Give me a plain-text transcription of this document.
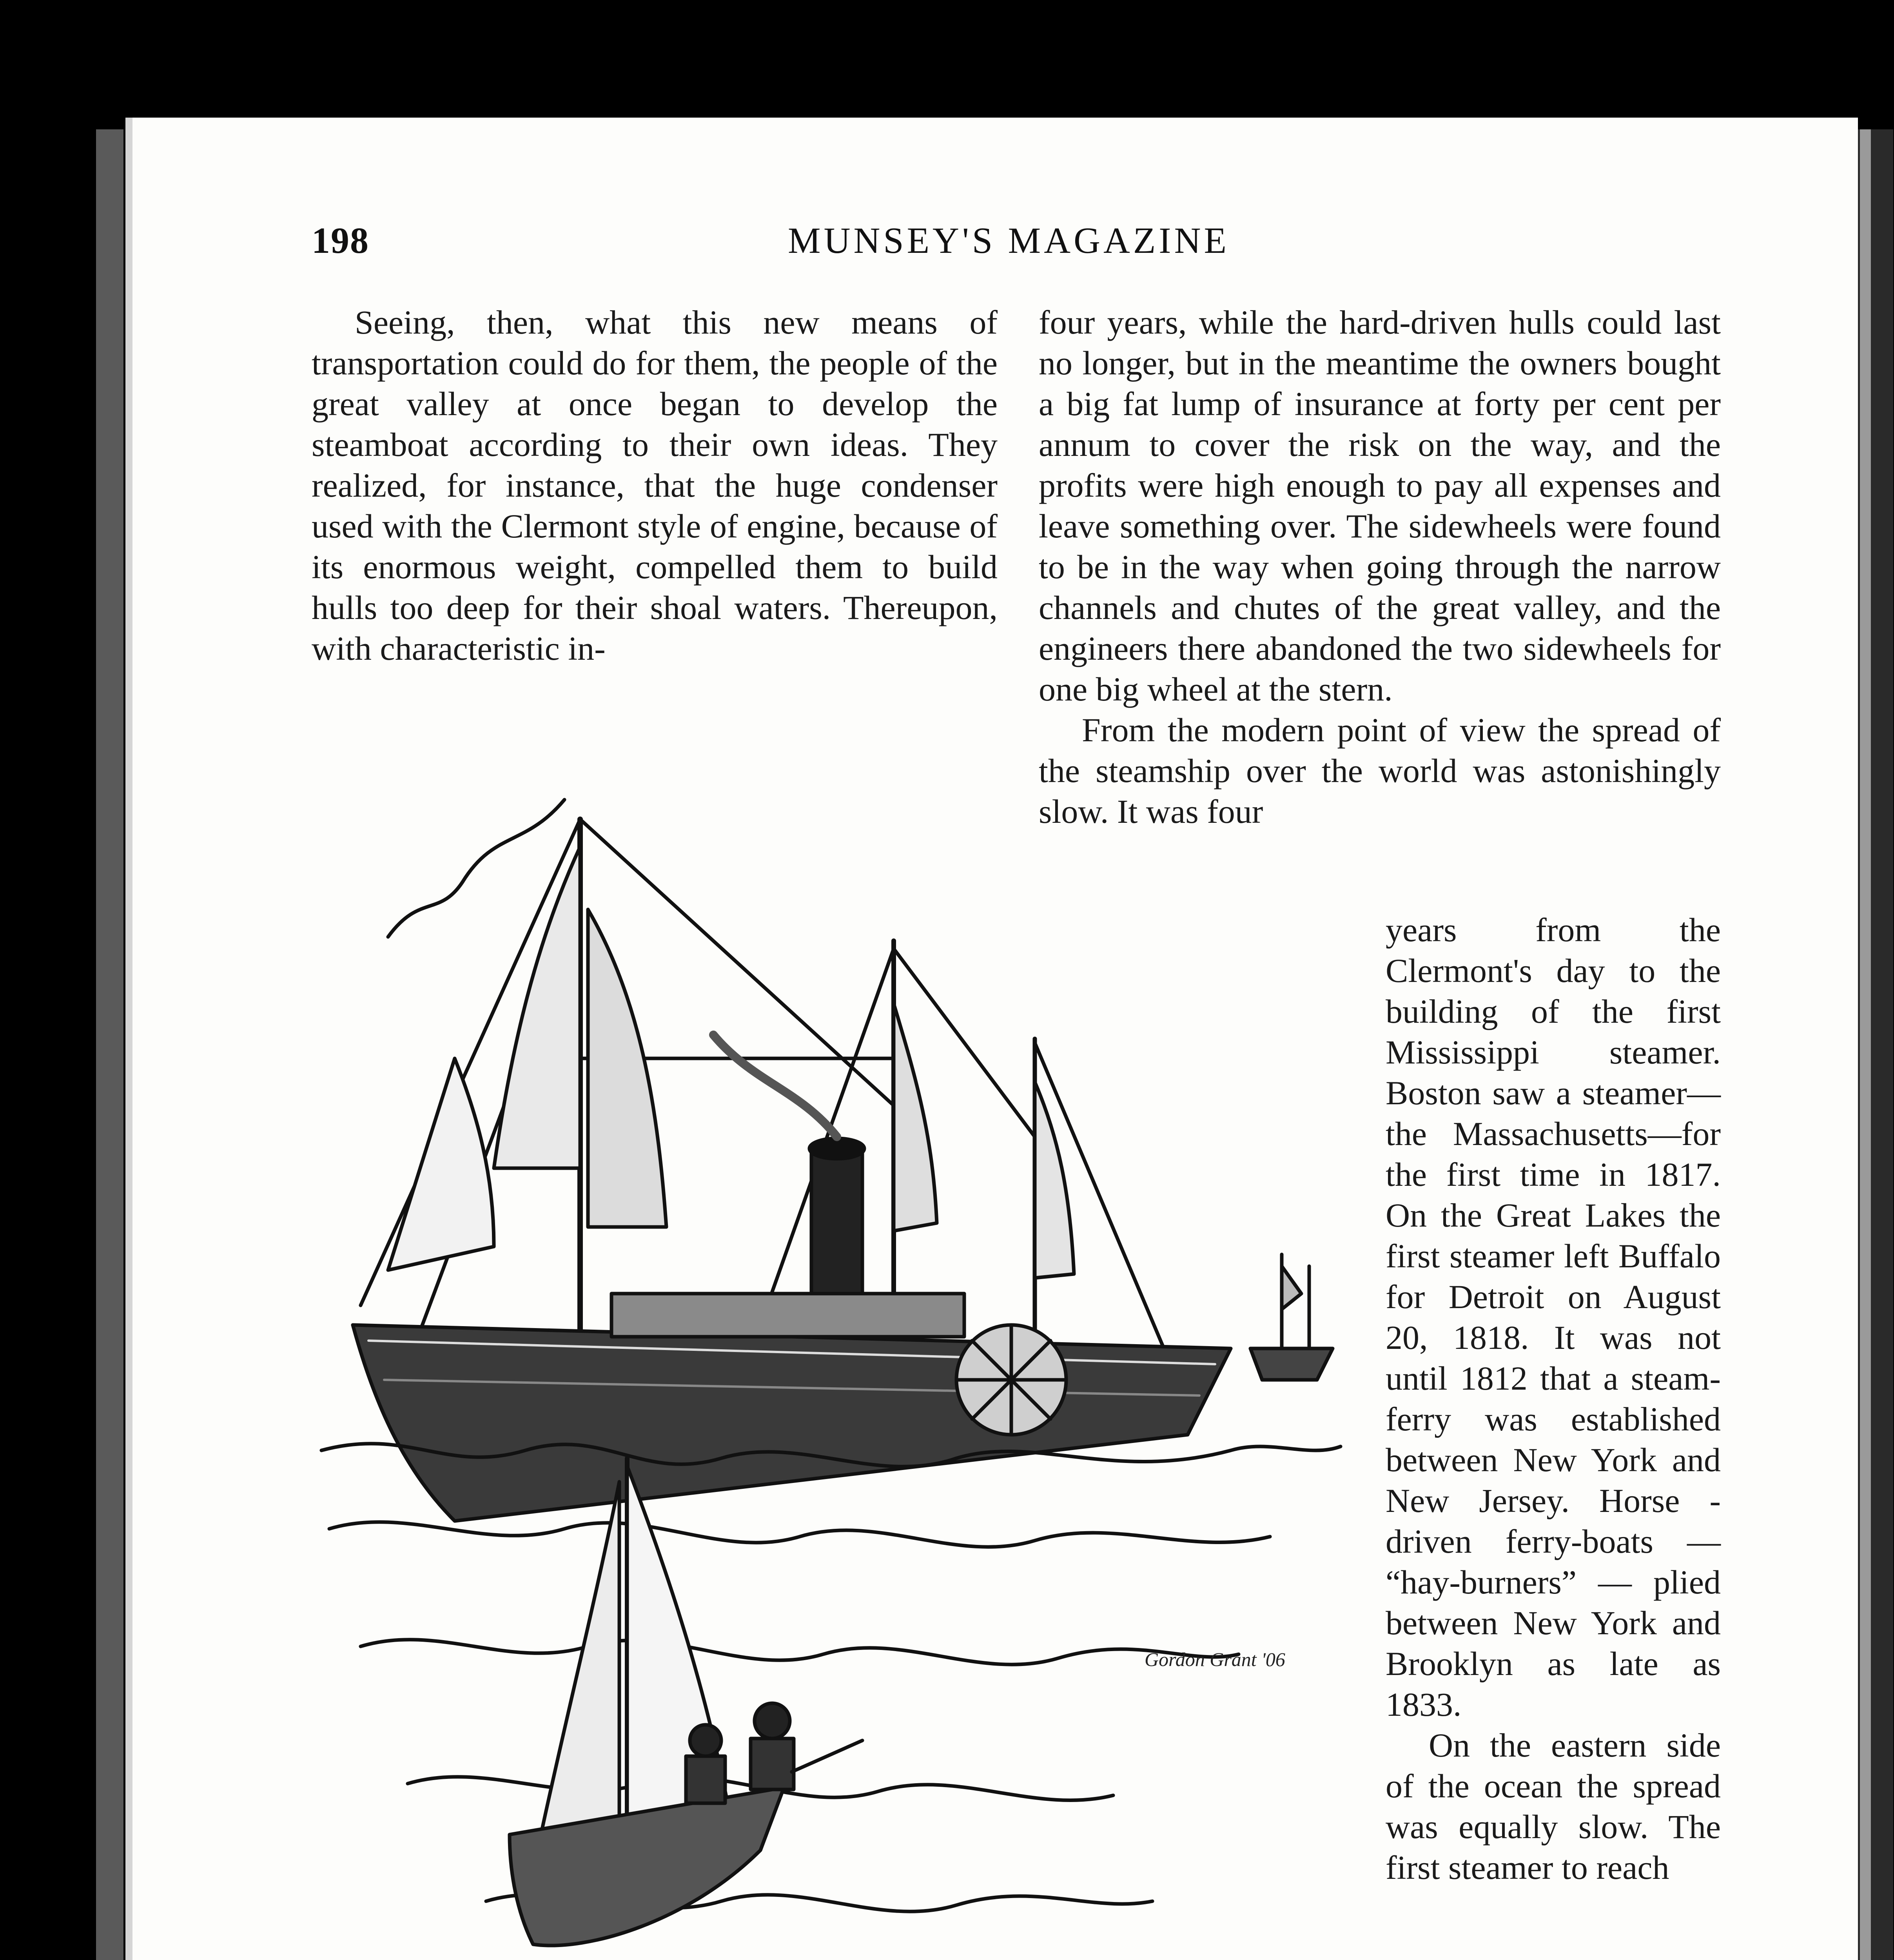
198	MUNSEY'S MAGAZINE

Seeing, then, what this new means of transportation could do for them, the people of the great valley at once began to develop the steamboat according to their own ideas. They realized, for instance, that the huge condenser used with the Clermont style of engine, because of its enormous weight, compelled them to build hulls too deep for their shoal waters. Thereupon, with characteristic in-

four years, while the hard-driven hulls could last no longer, but in the meantime the owners bought a big fat lump of insurance at forty per cent per annum to cover the risk on the way, and the profits were high enough to pay all expenses and leave something over. The sidewheels were found to be in the way when going through the narrow channels and chutes of the great valley, and the engineers there abandoned the two sidewheels for one big wheel at the stern.

From the modern point of view the spread of the steamship over the world was astonishingly slow. It was four

years from the Clermont's day to the building of the first Mississippi steamer. Boston saw a steamer—the Massachusetts—for the first time in 1817. On the Great Lakes the first steamer left Buffalo for Detroit on August 20, 1818. It was not until 1812 that a steam-ferry was established between New York and New Jersey. Horse - driven ferry-boats — “hay-burners” — plied between New York and Brooklyn as late as 1833.

On the eastern side of the ocean the spread was equally slow. The first steamer to reach

Gordon Grant '06
